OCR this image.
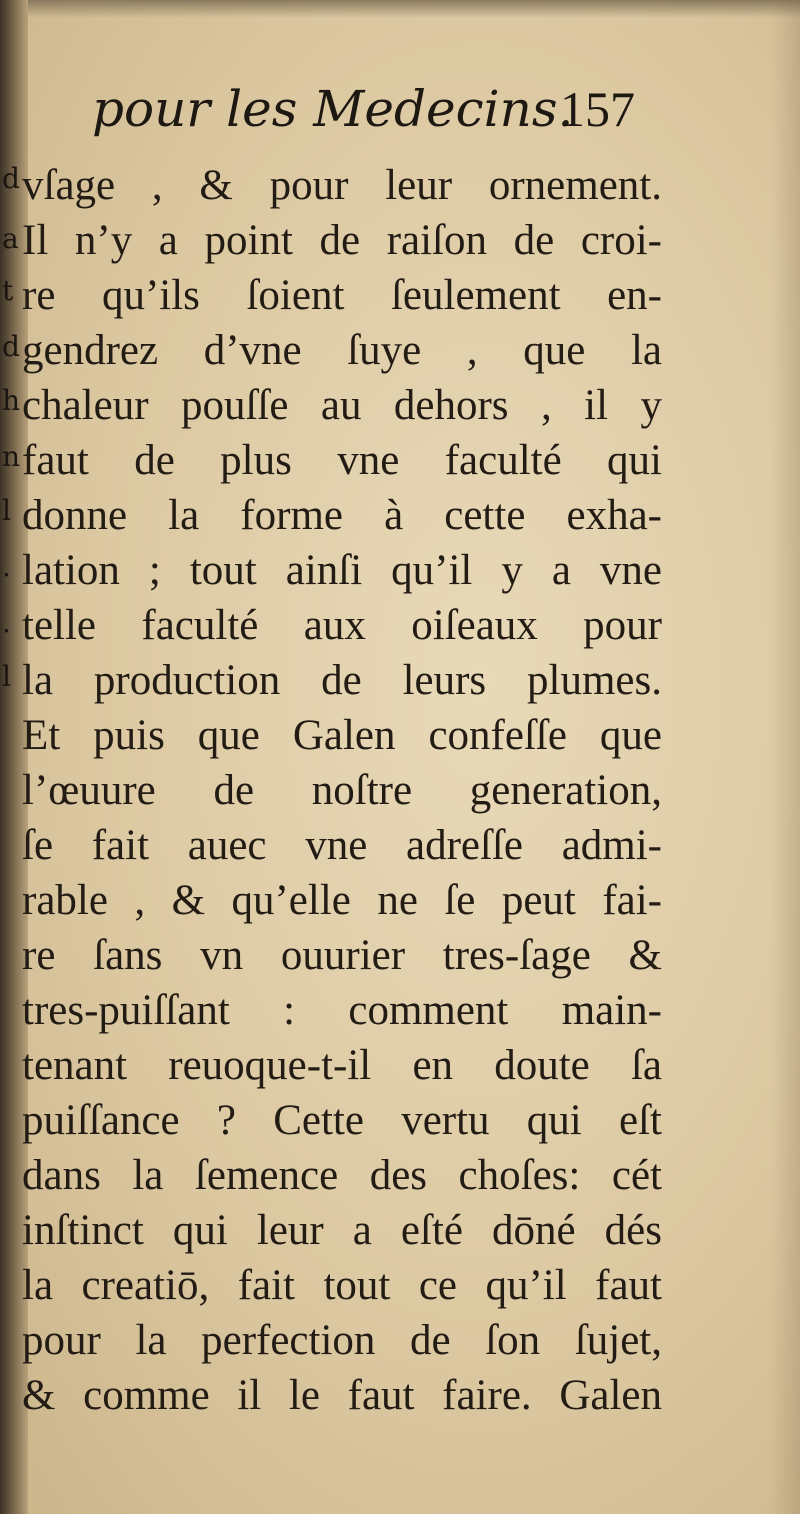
d
a
t
d
h
n
l
.
.
l
pour les Medecins.
157
vſage , & pour leur ornement.
Il n’y a point de raiſon de croi-
re qu’ils ſoient ſeulement en-
gendrez d’vne ſuye , que la
chaleur pouſſe au dehors , il y
faut de plus vne faculté qui
donne la forme à cette exha-
lation ; tout ainſi qu’il y a vne
telle faculté aux oiſeaux pour
la production de leurs plumes.
Et puis que Galen confeſſe que
l’œuure de noſtre generation,
ſe fait auec vne adreſſe admi-
rable , & qu’elle ne ſe peut fai-
re ſans vn ouurier tres-ſage &
tres-puiſſant : comment main-
tenant reuoque-t-il en doute ſa
puiſſance ? Cette vertu qui eſt
dans la ſemence des choſes: cét
inſtinct qui leur a eſté dōné dés
la creatiō, fait tout ce qu’il faut
pour la perfection de ſon ſujet,
& comme il le faut faire. Galen
